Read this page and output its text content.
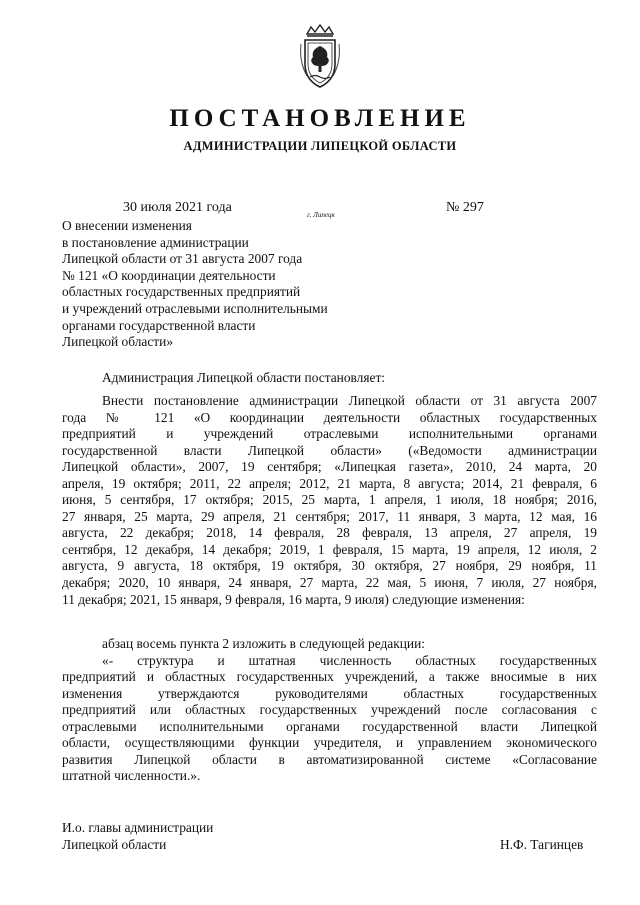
ПОСТАНОВЛЕНИЕ
АДМИНИСТРАЦИИ ЛИПЕЦКОЙ ОБЛАСТИ
30 июля 2021 года	г. Липецк	№ 297
О внесении изменения
в постановление администрации
Липецкой области от 31 августа 2007 года
№ 121 «О координации деятельности
областных государственных предприятий
и учреждений отраслевыми исполнительными
органами государственной власти
Липецкой области»
Администрация Липецкой области постановляет:
Внести постановление администрации Липецкой области от 31 августа 2007
года № 121 «О координации деятельности областных государственных
предприятий и учреждений отраслевыми исполнительными органами
государственной власти Липецкой области» («Ведомости администрации
Липецкой области», 2007, 19 сентября; «Липецкая газета», 2010, 24 марта, 20
апреля, 19 октября; 2011, 22 апреля; 2012, 21 марта, 8 августа; 2014, 21 февраля, 6
июня, 5 сентября, 17 октября; 2015, 25 марта, 1 апреля, 1 июля, 18 ноября; 2016,
27 января, 25 марта, 29 апреля, 21 сентября; 2017, 11 января, 3 марта, 12 мая, 16
августа, 22 декабря; 2018, 14 февраля, 28 февраля, 13 апреля, 27 апреля, 19
сентября, 12 декабря, 14 декабря; 2019, 1 февраля, 15 марта, 19 апреля, 12 июля, 2
августа, 9 августа, 18 октября, 19 октября, 30 октября, 27 ноября, 29 ноября, 11
декабря; 2020, 10 января, 24 января, 27 марта, 22 мая, 5 июня, 7 июля, 27 ноября,
11 декабря; 2021, 15 января, 9 февраля, 16 марта, 9 июля) следующие изменения:
абзац восемь пункта 2 изложить в следующей редакции:
«- структура и штатная численность областных государственных
предприятий и областных государственных учреждений, а также вносимые в них
изменения утверждаются руководителями областных государственных
предприятий или областных государственных учреждений после согласования с
отраслевыми исполнительными органами государственной власти Липецкой
области, осуществляющими функции учредителя, и управлением экономического
развития Липецкой области в автоматизированной системе «Согласование
штатной численности.».
И.о. главы администрации
Липецкой области	Н.Ф. Тагинцев
